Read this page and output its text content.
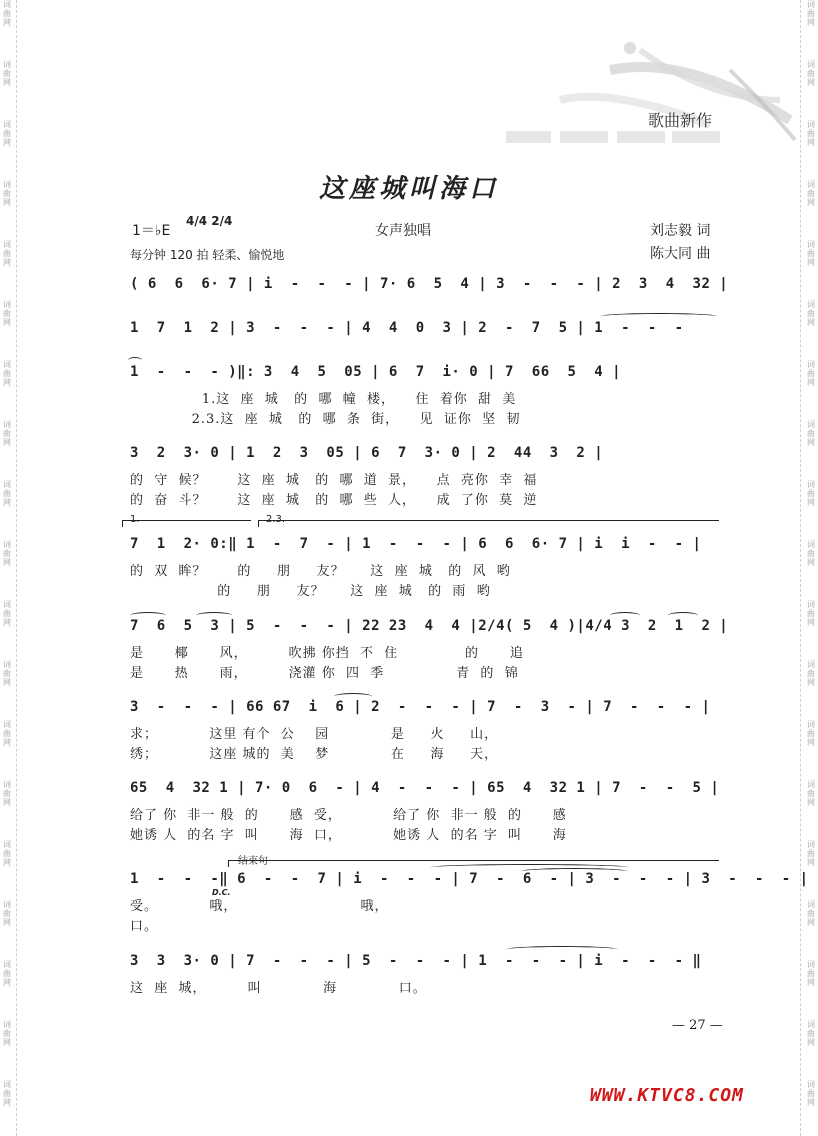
词
曲
网
词
曲
网
词
曲
网
词
曲
网
词
曲
网
词
曲
网
词
曲
网
词
曲
网
词
曲
网
词
曲
网
词
曲
网
词
曲
网
词
曲
网
词
曲
网
词
曲
网
词
曲
网
词
曲
网
词
曲
网
词
曲
网
词
曲
网
词
曲
网
词
曲
网
词
曲
网
词
曲
网
词
曲
网
词
曲
网
词
曲
网
词
曲
网
词
曲
网
词
曲
网
词
曲
网
词
曲
网
词
曲
网
词
曲
网
词
曲
网
词
曲
网
词
曲
网
词
曲
网
歌曲新作
这座城叫海口
1＝♭E
4/4 2/4
女声独唱	刘志毅 词
每分钟 120 拍 轻柔、愉悦地	陈大同 曲
( 6  6  6· 7 | i  -  -  - | 7· 6  5  4 | 3  -  -  - | 2  3  4  32 |
1  7  1  2 | 3  -  -  - | 4  4  0  3 | 2  -  7  5 | 1  -  -  -
1  -  -  - )‖: 3  4  5  05 | 6  7  i· 0 | 7  66  5  4 |
1.这  座  城   的  哪  幢  楼，    住  着你  甜  美
2.3.这  座  城   的  哪  条  街，    见  证你  坚  韧
3  2  3· 0 | 1  2  3  05 | 6  7  3· 0 | 2  44  3  2 |
的  守  候？      这  座  城   的  哪  道  景，    点  亮你  幸  福
的  奋  斗？      这  座  城   的  哪  些  人，    成  了你  莫  逆
1.	2.3.
7  1  2· 0:‖ 1  -  7  - | 1  -  -  - | 6  6  6· 7 | i  i  -  - |
的  双  眸？      的     朋     友？     这  座  城   的  风  哟
的     朋     友？     这  座  城   的  雨  哟
7  6  5  3 | 5  -  -  - | 22 23  4  4 |2/4( 5  4 )|4/4 3  2  1  2 |
是      椰      风，        吹拂 你挡  不  住             的      追
是      热      雨，        浇灌 你  四  季              青  的  锦
3  -  -  - | 66 67  i  6 | 2  -  -  - | 7  -  3  - | 7  -  -  - |
求；          这里 有个  公    园            是     火     山，
绣；          这座 城的  美    梦            在     海     天，
65  4  32 1 | 7· 0  6  - | 4  -  -  - | 65  4  32 1 | 7  -  -  5 |
给了 你  非一 般  的      感  受，          给了 你  非一 般  的      感
她诱 人  的名 字  叫      海  口，          她诱 人  的名 字  叫      海
结束句
1  -  -  -‖ 6  -  -  7 | i  -  -  - | 7  -  6  - | 3  -  -  - | 3  -  -  - |
D.C.
受。          哦，                        哦，
口。
3  3  3· 0 | 7  -  -  - | 5  -  -  - | 1  -  -  - | i  -  -  - ‖
这  座  城，        叫            海            口。
— 27 —
WWW.KTVC8.COM
